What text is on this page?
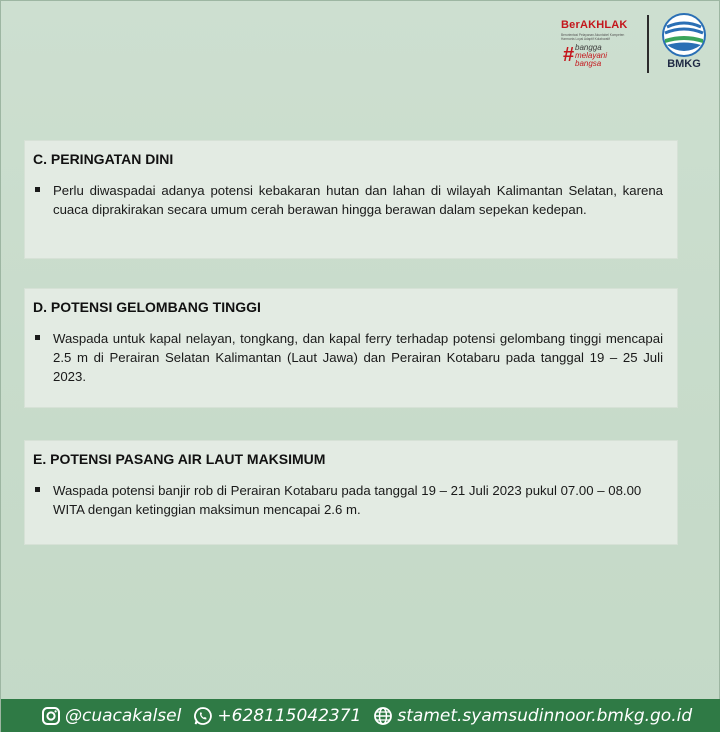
BerAKHLAK
Berorientasi Pelayanan Akuntabel Kompeten Harmonis Loyal Adaptif Kolaboratif
# bangga
melayani
bangsa	BMKG
C. PERINGATAN DINI
Perlu diwaspadai adanya potensi kebakaran hutan dan lahan di wilayah Kalimantan Selatan, karena cuaca diprakirakan secara umum cerah berawan hingga berawan dalam sepekan kedepan.
D. POTENSI GELOMBANG TINGGI
Waspada untuk kapal nelayan, tongkang, dan kapal ferry terhadap potensi gelombang tinggi mencapai 2.5 m di Perairan Selatan Kalimantan (Laut Jawa) dan Perairan Kotabaru pada tanggal 19 – 25 Juli 2023.
E. POTENSI PASANG AIR LAUT MAKSIMUM
Waspada potensi banjir rob di Perairan Kotabaru pada tanggal 19 – 21 Juli 2023 pukul 07.00 – 08.00 WITA dengan ketinggian maksimun mencapai 2.6 m.
@cuacakalsel +628115042371 stamet.syamsudinnoor.bmkg.go.id
